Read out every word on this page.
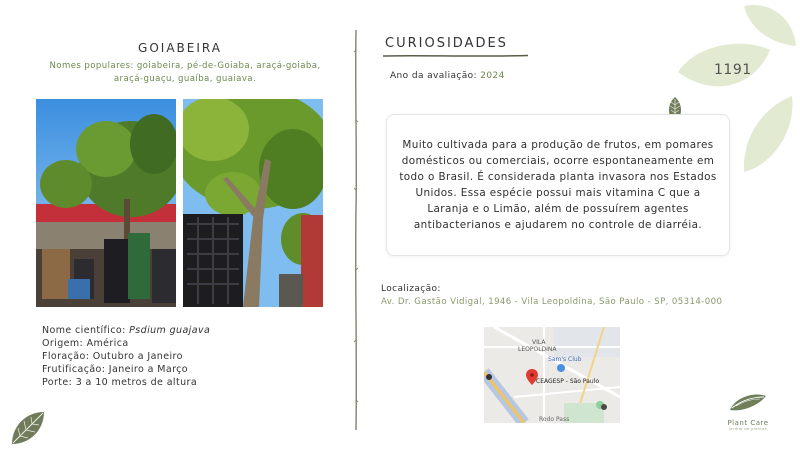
1191
GOIABEIRA
Nomes populares: goiabeira, pé-de-Goiaba, araçá-goiaba, araçá-guaçu, guaíba, guaiava.
Nome científico: Psdium guajava
Origem: América
Floração: Outubro a Janeiro
Frutificação: Janeiro a Março
Porte: 3 a 10 metros de altura
CURIOSIDADES
Ano da avaliação: 2024

Muito cultivada para a produção de frutos, em pomares domésticos ou comerciais, ocorre espontaneamente em todo o Brasil. É considerada planta invasora nos Estados Unidos. Essa espécie possui mais vitamina C que a Laranja e o Limão, além de possuírem agentes antibacterianos e ajudarem no controle de diarréia.

Localização:
Av. Dr. Gastão Vidigal, 1946 - Vila Leopoldina, São Paulo - SP, 05314-000
VILA
LEOPOLDINA
Sam's Club
CEAGESP - São Paulo
Rodo Pass	Plant Care
jardim de plantas
